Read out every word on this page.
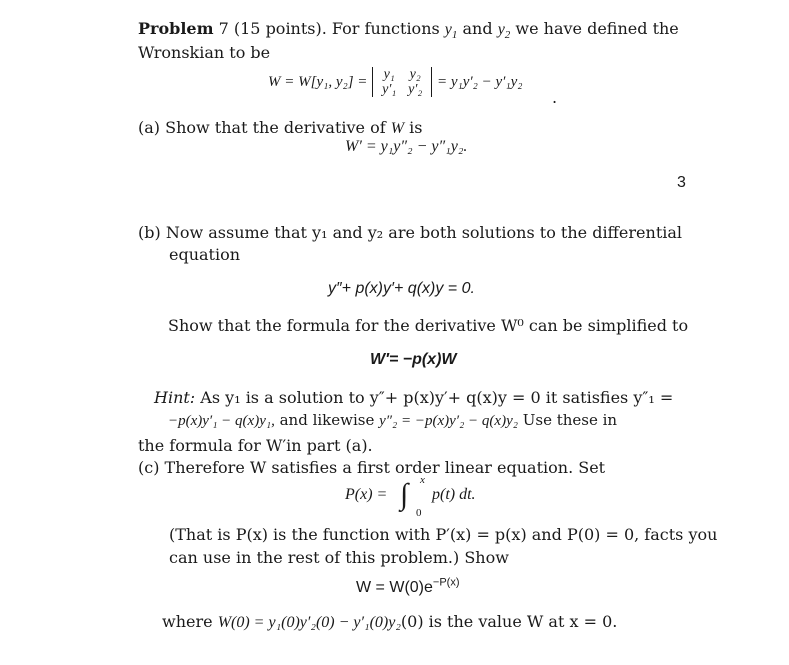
Problem 7 (15 points). For functions $y_1$ and $y_2$ we have defined the
Wronskian to be
W = W[y₁, y₂] = y₁ y₂
y′₁ y′₂ = y₁y′₂ − y′₁y₂
.
(a) Show that the derivative of W is
W′ = y₁y″₂ − y″₁y₂.
3
(b) Now assume that y₁ and y₂ are both solutions to the differential
equation
y″+ p(x)y′+ q(x)y = 0.
Show that the formula for the derivative W⁰ can be simplified to
W′= −p(x)W
Hint: As y₁ is a solution to y″+ p(x)y′+ q(x)y = 0 it satisfies y″₁ =
−p(x)y′₁ − q(x)y₁, and likewise y″₂ = −p(x)y′₂ − q(x)y₂ Use these in
the formula for W′in part (a).
(c) Therefore W satisfies a first order linear equation. Set
P(x) = ∫ x
0
p(t) dt.
(That is P(x) is the function with P′(x) = p(x) and P(0) = 0, facts you
can use in the rest of this problem.) Show
$W = W(0)e^{-P(x)}$
where W(0) = y₁(0)y′₂(0) − y′₁(0)y₂(0) is the value W at x = 0.
